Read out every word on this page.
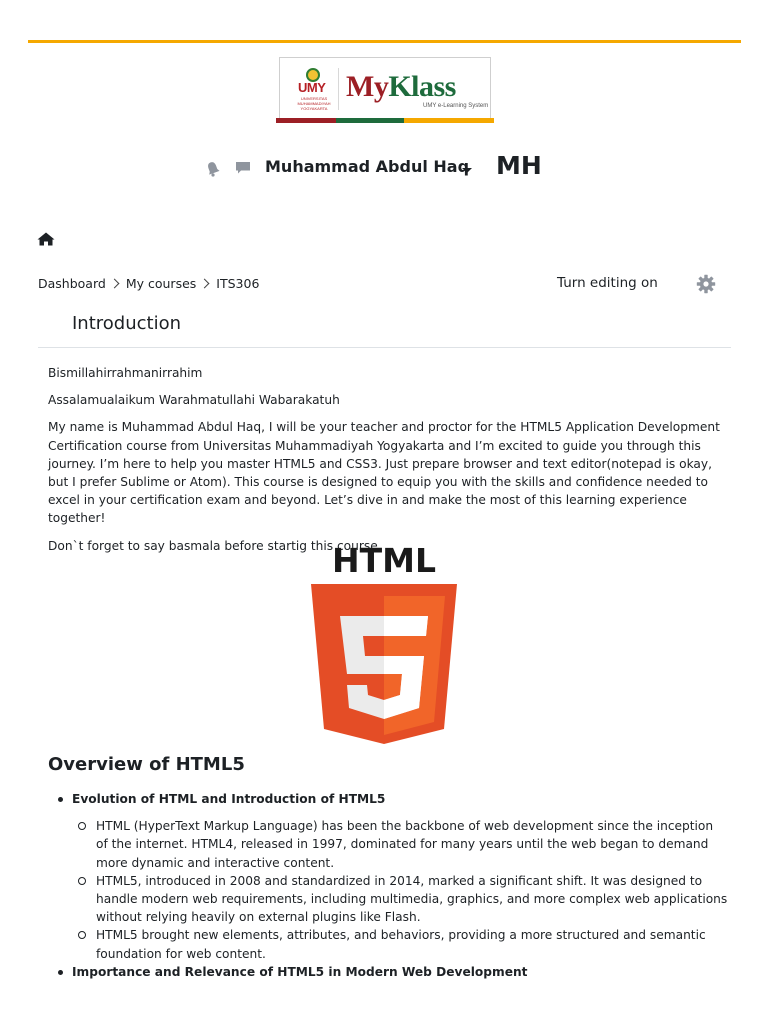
UMY
UNIVERSITAS MUHAMMADIYAH YOGYAKARTA
MyKlass
UMY e-Learning System
Muhammad Abdul Haq MH
Dashboard My courses ITS306	Turn editing on
Introduction

Bismillahirrahmanirrahim

Assalamualaikum Warahmatullahi Wabarakatuh

My name is Muhammad Abdul Haq, I will be your teacher and proctor for the HTML5 Application Development Certification course from Universitas Muhammadiyah Yogyakarta and I’m excited to guide you through this journey. I’m here to help you master HTML5 and CSS3. Just prepare browser and text editor(notepad is okay, but I prefer Sublime or Atom). This course is designed to equip you with the skills and confidence needed to excel in your certification exam and beyond. Let’s dive in and make the most of this learning experience together!

Don`t forget to say basmala before startig this course.

HTML
Overview of HTML5
Evolution of HTML and Introduction of HTML5
HTML (HyperText Markup Language) has been the backbone of web development since the inception of the internet. HTML4, released in 1997, dominated for many years until the web began to demand more dynamic and interactive content.
HTML5, introduced in 2008 and standardized in 2014, marked a significant shift. It was designed to handle modern web requirements, including multimedia, graphics, and more complex web applications without relying heavily on external plugins like Flash.
HTML5 brought new elements, attributes, and behaviors, providing a more structured and semantic foundation for web content.
Importance and Relevance of HTML5 in Modern Web Development
